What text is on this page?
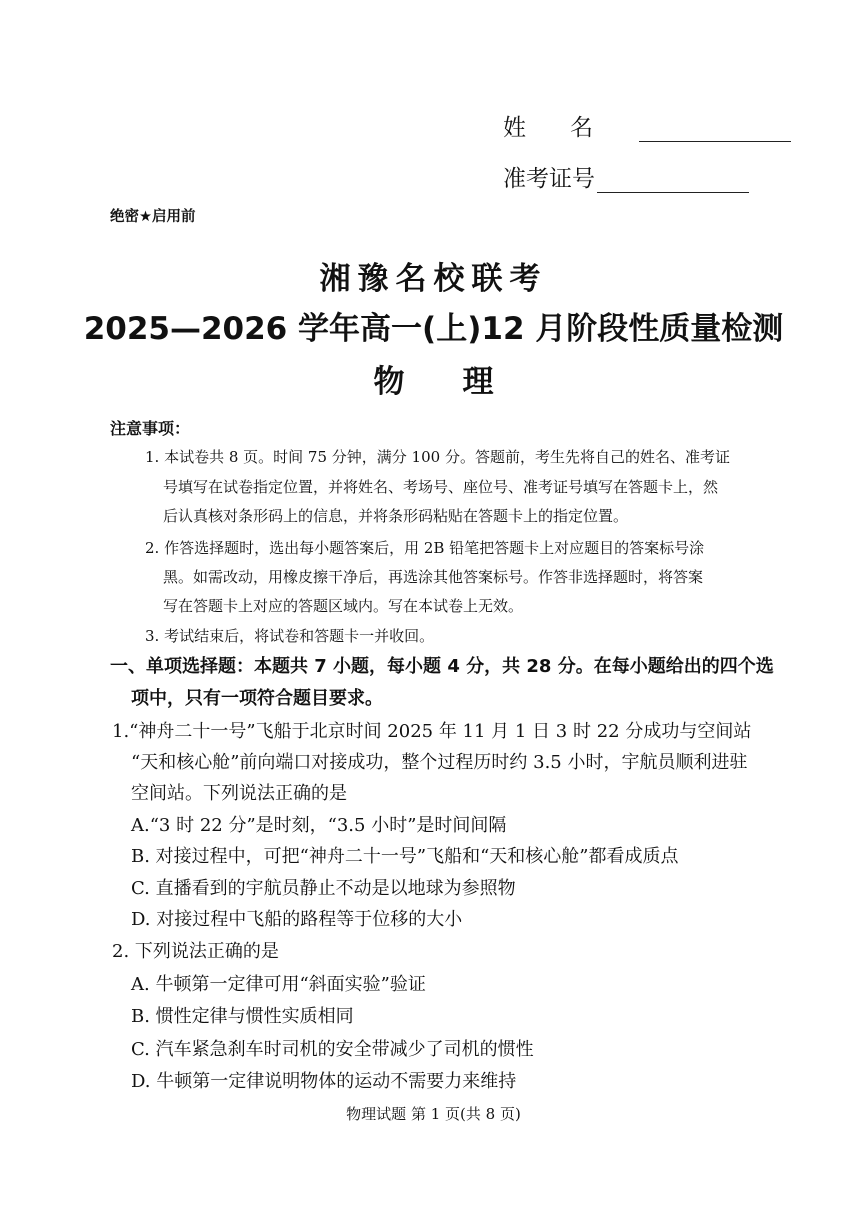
姓名
准考证号
绝密★启用前
湘豫名校联考
2025—2026 学年高一(上)12 月阶段性质量检测
物理
注意事项：
1. 本试卷共 8 页。时间 75 分钟，满分 100 分。答题前，考生先将自己的姓名、准考证
号填写在试卷指定位置，并将姓名、考场号、座位号、准考证号填写在答题卡上，然
后认真核对条形码上的信息，并将条形码粘贴在答题卡上的指定位置。
2. 作答选择题时，选出每小题答案后，用 2B 铅笔把答题卡上对应题目的答案标号涂
黑。如需改动，用橡皮擦干净后，再选涂其他答案标号。作答非选择题时，将答案
写在答题卡上对应的答题区域内。写在本试卷上无效。
3. 考试结束后，将试卷和答题卡一并收回。
一、单项选择题：本题共 7 小题，每小题 4 分，共 28 分。在每小题给出的四个选
项中，只有一项符合题目要求。
1.“神舟二十一号”飞船于北京时间 2025 年 11 月 1 日 3 时 22 分成功与空间站
“天和核心舱”前向端口对接成功，整个过程历时约 3.5 小时，宇航员顺利进驻
空间站。下列说法正确的是
A.“3 时 22 分”是时刻，“3.5 小时”是时间间隔
B. 对接过程中，可把“神舟二十一号”飞船和“天和核心舱”都看成质点
C. 直播看到的宇航员静止不动是以地球为参照物
D. 对接过程中飞船的路程等于位移的大小
2. 下列说法正确的是
A. 牛顿第一定律可用“斜面实验”验证
B. 惯性定律与惯性实质相同
C. 汽车紧急刹车时司机的安全带减少了司机的惯性
D. 牛顿第一定律说明物体的运动不需要力来维持
物理试题 第 1 页(共 8 页)
